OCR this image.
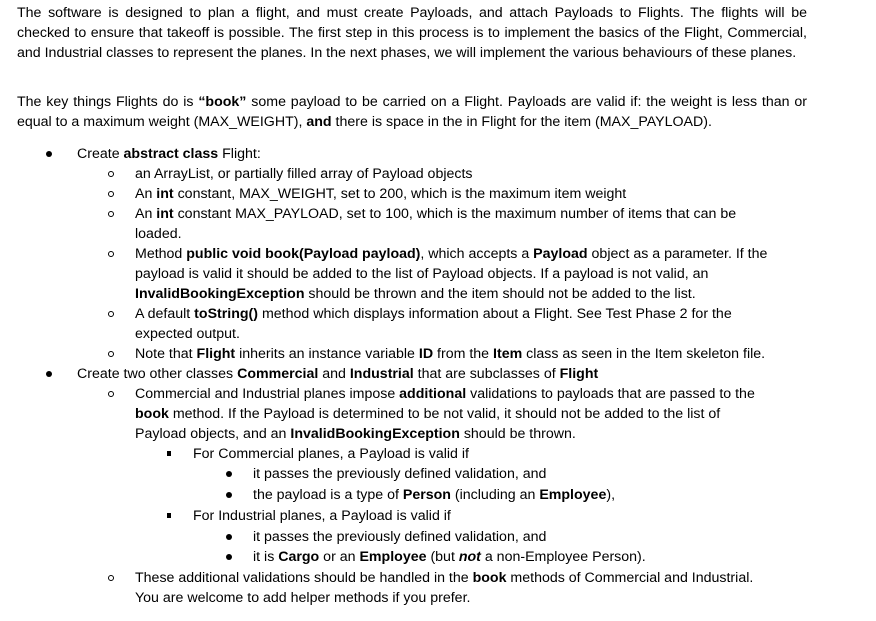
The software is designed to plan a flight, and must create Payloads, and attach Payloads to Flights. The flights will be checked to ensure that takeoff is possible. The first step in this process is to implement the basics of the Flight, Commercial, and Industrial classes to represent the planes. In the next phases, we will implement the various behaviours of these planes.

The key things Flights do is “book” some payload to be carried on a Flight. Payloads are valid if: the weight is less than or equal to a maximum weight (MAX_WEIGHT), and there is space in the in Flight for the item (MAX_PAYLOAD).

Create abstract class Flight:
an ArrayList, or partially filled array of Payload objects
An int constant, MAX_WEIGHT, set to 200, which is the maximum item weight
An int constant MAX_PAYLOAD, set to 100, which is the maximum number of items that can be
loaded.
Method public void book(Payload payload), which accepts a Payload object as a parameter. If the
payload is valid it should be added to the list of Payload objects. If a payload is not valid, an
InvalidBookingException should be thrown and the item should not be added to the list.
A default toString() method which displays information about a Flight. See Test Phase 2 for the
expected output.
Note that Flight inherits an instance variable ID from the Item class as seen in the Item skeleton file.
Create two other classes Commercial and Industrial that are subclasses of Flight
Commercial and Industrial planes impose additional validations to payloads that are passed to the
book method. If the Payload is determined to be not valid, it should not be added to the list of
Payload objects, and an InvalidBookingException should be thrown.
For Commercial planes, a Payload is valid if
it passes the previously defined validation, and
the payload is a type of Person (including an Employee),
For Industrial planes, a Payload is valid if
it passes the previously defined validation, and
it is Cargo or an Employee (but not a non-Employee Person).
These additional validations should be handled in the book methods of Commercial and Industrial.
You are welcome to add helper methods if you prefer.
